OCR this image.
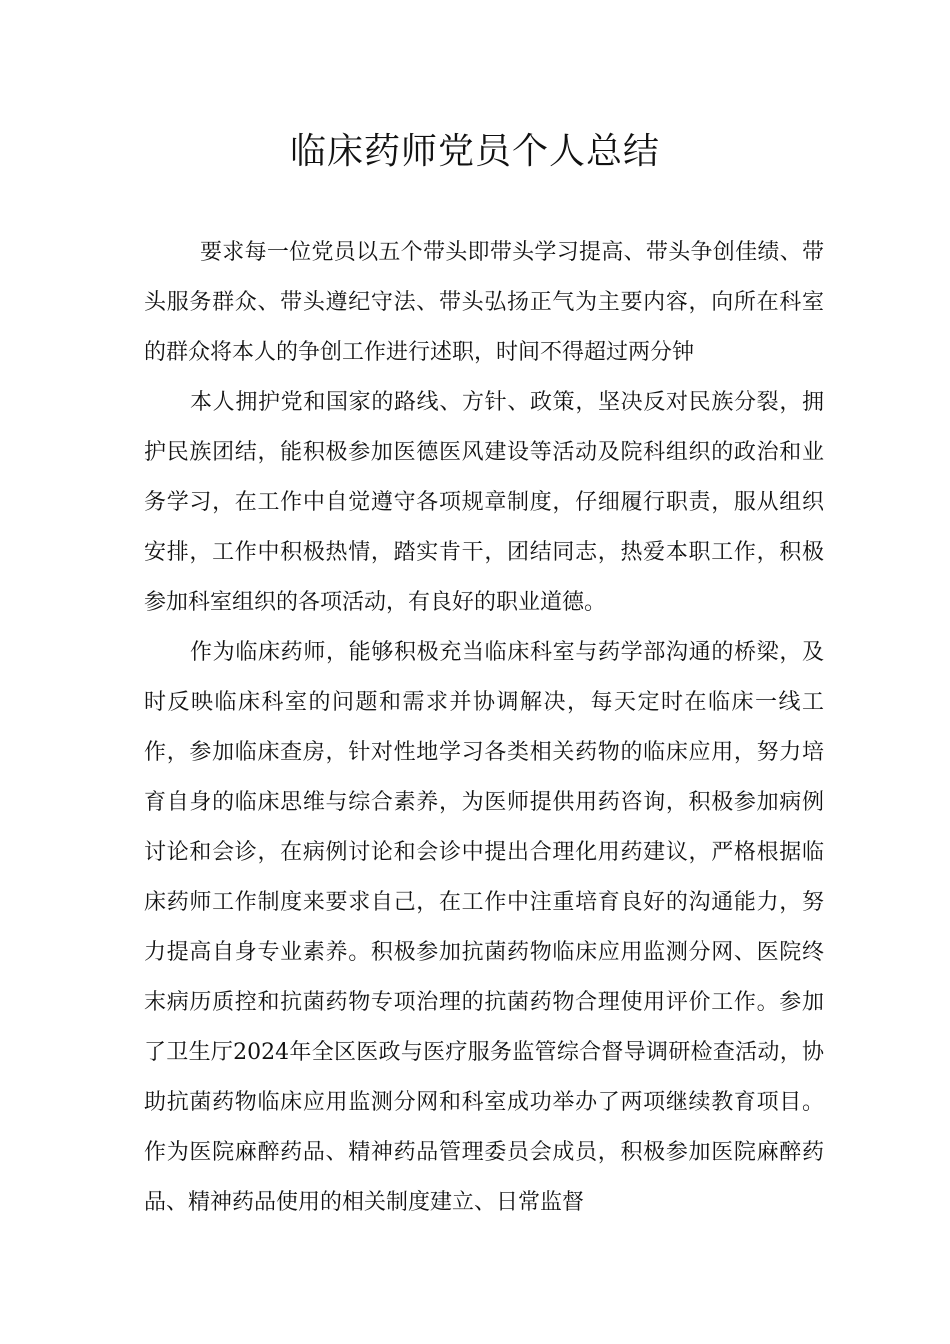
临床药师党员个人总结

要求每一位党员以五个带头即带头学习提高、带头争创佳绩、带头服务群众、带头遵纪守法、带头弘扬正气为主要内容，向所在科室的群众将本人的争创工作进行述职，时间不得超过两分钟

本人拥护党和国家的路线、方针、政策，坚决反对民族分裂，拥护民族团结，能积极参加医德医风建设等活动及院科组织的政治和业务学习，在工作中自觉遵守各项规章制度，仔细履行职责，服从组织安排，工作中积极热情，踏实肯干，团结同志，热爱本职工作，积极参加科室组织的各项活动，有良好的职业道德。

作为临床药师，能够积极充当临床科室与药学部沟通的桥梁，及时反映临床科室的问题和需求并协调解决，每天定时在临床一线工作，参加临床查房，针对性地学习各类相关药物的临床应用，努力培育自身的临床思维与综合素养，为医师提供用药咨询，积极参加病例讨论和会诊，在病例讨论和会诊中提出合理化用药建议，严格根据临床药师工作制度来要求自己，在工作中注重培育良好的沟通能力，努力提高自身专业素养。积极参加抗菌药物临床应用监测分网、医院终末病历质控和抗菌药物专项治理的抗菌药物合理使用评价工作。参加了卫生厅2024年全区医政与医疗服务监管综合督导调研检查活动，协助抗菌药物临床应用监测分网和科室成功举办了两项继续教育项目。作为医院麻醉药品、精神药品管理委员会成员，积极参加医院麻醉药品、精神药品使用的相关制度建立、日常监督
